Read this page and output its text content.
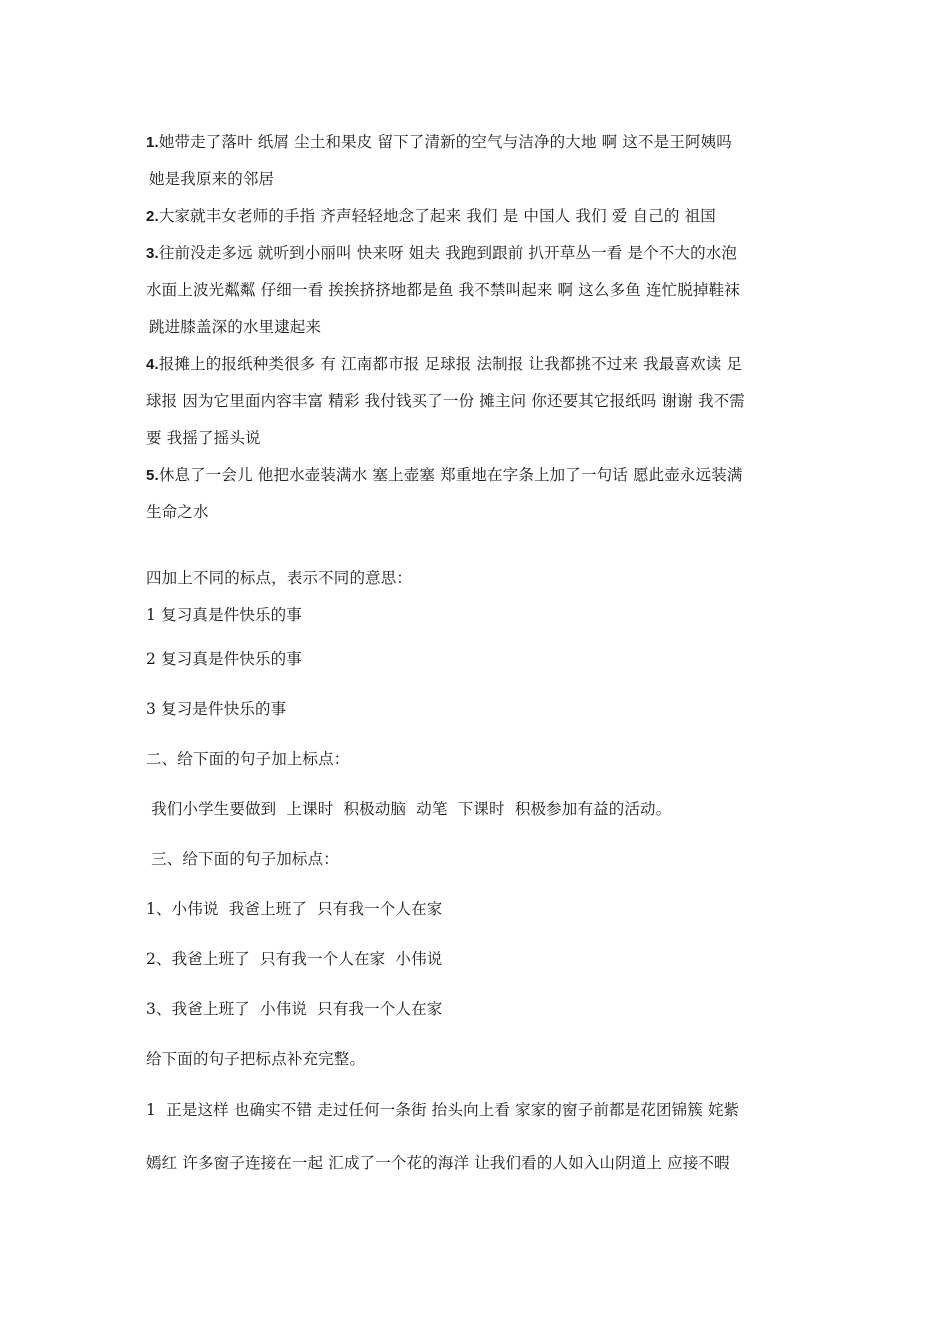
1.她带走了落叶 纸屑 尘土和果皮 留下了清新的空气与洁净的大地 啊 这不是王阿姨吗

她是我原来的邻居

2.大家就丰女老师的手指 齐声轻轻地念了起来 我们 是 中国人 我们 爱 自己的 祖国

3.往前没走多远 就听到小丽叫 快来呀 姐夫 我跑到跟前 扒开草丛一看 是个不大的水泡

水面上波光粼粼 仔细一看 挨挨挤挤地都是鱼 我不禁叫起来 啊 这么多鱼 连忙脱掉鞋袜

跳进膝盖深的水里逮起来

4.报摊上的报纸种类很多 有 江南都市报 足球报 法制报 让我都挑不过来 我最喜欢读 足

球报 因为它里面内容丰富 精彩 我付钱买了一份 摊主问 你还要其它报纸吗 谢谢 我不需

要 我摇了摇头说

5.休息了一会儿 他把水壶装满水 塞上壶塞 郑重地在字条上加了一句话 愿此壶永远装满

生命之水

四加上不同的标点，表示不同的意思：

1 复习真是件快乐的事

2 复习真是件快乐的事

3 复习是件快乐的事

二、给下面的句子加上标点：

我们小学生要做到  上课时  积极动脑  动笔  下课时  积极参加有益的活动。

三、给下面的句子加标点：

1、小伟说  我爸上班了  只有我一个人在家

2、我爸上班了  只有我一个人在家  小伟说

3、我爸上班了  小伟说  只有我一个人在家

给下面的句子把标点补充完整。

1  正是这样 也确实不错 走过任何一条街 抬头向上看 家家的窗子前都是花团锦簇 姹紫

嫣红 许多窗子连接在一起 汇成了一个花的海洋 让我们看的人如入山阴道上 应接不暇
